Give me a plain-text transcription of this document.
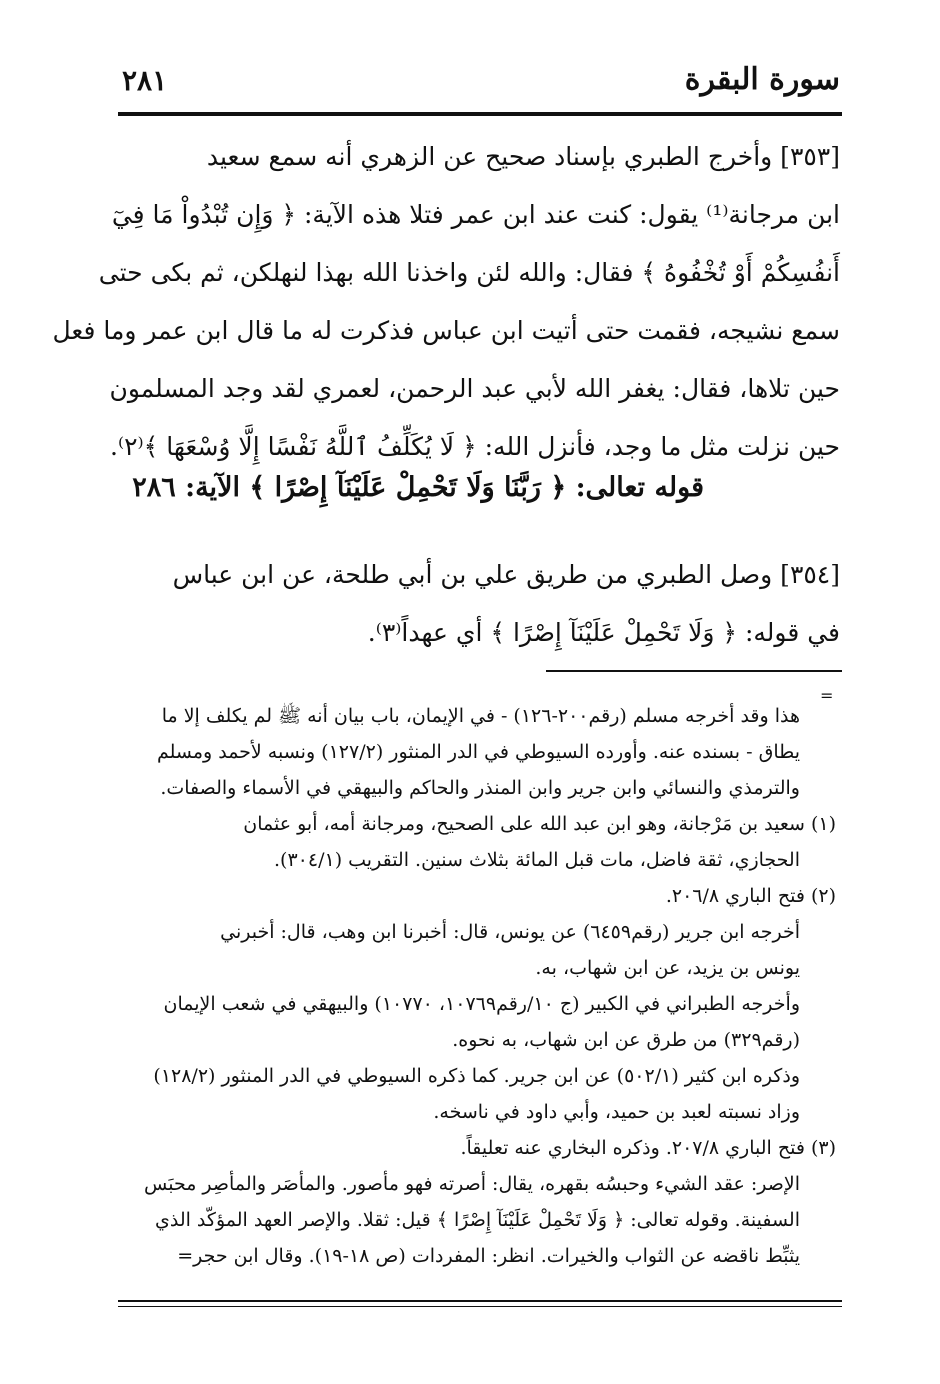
سورة البقرة
٢٨١
[٣٥٣] وأخرج الطبري بإسناد صحيح عن الزهري أنه سمع سعيد
ابن مرجانة⁽¹⁾ يقول: كنت عند ابن عمر فتلا هذه الآية: ﴿ وَإِن تُبْدُواْ مَا فِيٓ
أَنفُسِكُمْ أَوْ تُخْفُوهُ ﴾ فقال: والله لئن واخذنا الله بهذا لنهلكن، ثم بكى حتى
سمع نشيجه، فقمت حتى أتيت ابن عباس فذكرت له ما قال ابن عمر وما فعل
حين تلاها، فقال: يغفر الله لأبي عبد الرحمن، لعمري لقد وجد المسلمون
حين نزلت مثل ما وجد، فأنزل الله: ﴿ لَا يُكَلِّفُ ٱللَّهُ نَفْسًا إِلَّا وُسْعَهَا ﴾⁽٢⁾.
قوله تعالى: ﴿ رَبَّنَا وَلَا تَحْمِلْ عَلَيْنَآ إِصْرًا ﴾ الآية: ٢٨٦
[٣٥٤] وصل الطبري من طريق علي بن أبي طلحة، عن ابن عباس
في قوله: ﴿ وَلَا تَحْمِلْ عَلَيْنَآ إِصْرًا ﴾ أي عهداً⁽٣⁾.
=
هذا وقد أخرجه مسلم (رقم٢٠٠-١٢٦) - في الإيمان، باب بيان أنه ﷺ لم يكلف إلا ما
يطاق - بسنده عنه. وأورده السيوطي في الدر المنثور (١٢٧/٢) ونسبه لأحمد ومسلم
والترمذي والنسائي وابن جرير وابن المنذر والحاكم والبيهقي في الأسماء والصفات.
(١) سعيد بن مَرْجانة، وهو ابن عبد الله على الصحيح، ومرجانة أمه، أبو عثمان
الحجازي، ثقة فاضل، مات قبل المائة بثلاث سنين. التقريب (٣٠٤/١).
(٢) فتح الباري ٢٠٦/٨.
أخرجه ابن جرير (رقم٦٤٥٩) عن يونس، قال: أخبرنا ابن وهب، قال: أخبرني
يونس بن يزيد، عن ابن شهاب، به.
وأخرجه الطبراني في الكبير (ج ١٠/رقم١٠٧٦٩، ١٠٧٧٠) والبيهقي في شعب الإيمان
(رقم٣٢٩) من طرق عن ابن شهاب، به نحوه.
وذكره ابن كثير (٥٠٢/١) عن ابن جرير. كما ذكره السيوطي في الدر المنثور (١٢٨/٢)
وزاد نسبته لعبد بن حميد، وأبي داود في ناسخه.
(٣) فتح الباري ٢٠٧/٨. وذكره البخاري عنه تعليقاً.
الإصر: عقد الشيء وحبسُه بقهره، يقال: أصرته فهو مأصور. والمأصَر والمأصِر محبَس
السفينة. وقوله تعالى: ﴿ وَلَا تَحْمِلْ عَلَيْنَآ إِصْرًا ﴾ قيل: ثقلا. والإصر العهد المؤكّد الذي
يثبِّط ناقضه عن الثواب والخيرات. انظر: المفردات (ص ١٨-١٩). وقال ابن حجر=
